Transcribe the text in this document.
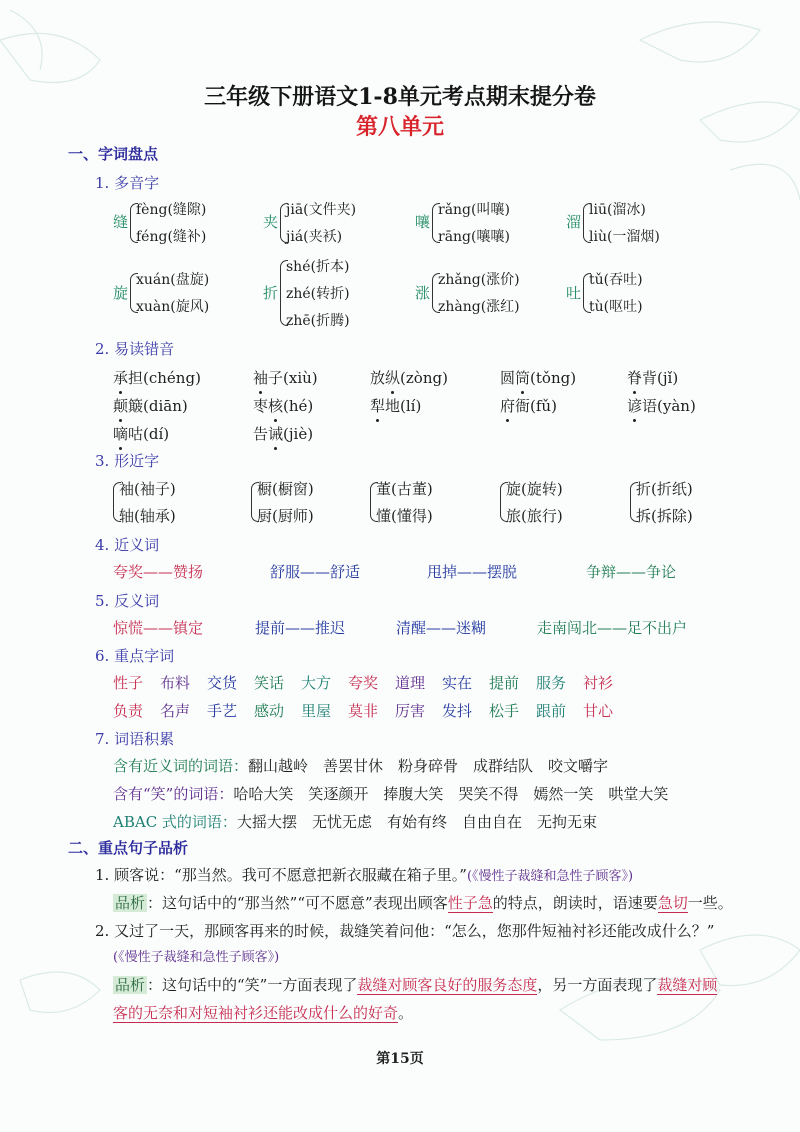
三年级下册语文1-8单元考点期末提分卷
第八单元
一、字词盘点
1. 多音字
缝
fèng(缝隙)
féng(缝补)
夹
jiā(文件夹)
jiá(夹袄)
嚷
rǎng(叫嚷)
rāng(嚷嚷)
溜
liū(溜冰)
liù(一溜烟)
旋
xuán(盘旋)
xuàn(旋风)
折
shé(折本)
zhé(转折)
zhē(折腾)
涨
zhǎng(涨价)
zhàng(涨红)
吐
tǔ(吞吐)
tù(呕吐)
2. 易读错音
承担(chéng)	袖子(xiù)	放纵(zòng)	圆筒(tǒng)	脊背(jǐ)
颠簸(diān)	枣核(hé)	犁地(lí)	府衙(fǔ)	谚语(yàn)
嘀咕(dí)	告诫(jiè)
3. 形近字
袖(袖子)
轴(轴承)
橱(橱窗)
厨(厨师)
董(古董)
懂(懂得)
旋(旋转)
旅(旅行)
折(折纸)
拆(拆除)
4. 近义词
夸奖——赞扬	舒服——舒适	甩掉——摆脱	争辩——争论
5. 反义词
惊慌——镇定	提前——推迟	清醒——迷糊	走南闯北——足不出户
6. 重点字词
性子 布料 交货 笑话 大方 夸奖 道理 实在 提前 服务 衬衫
负责 名声 手艺 感动 里屋 莫非 厉害 发抖 松手 跟前 甘心
7. 词语积累
含有近义词的词语：翻山越岭　善罢甘休　粉身碎骨　成群结队　咬文嚼字
含有“笑”的词语：哈哈大笑　笑逐颜开　捧腹大笑　哭笑不得　嫣然一笑　哄堂大笑
ABAC 式的词语：大摇大摆　无忧无虑　有始有终　自由自在　无拘无束
二、重点句子品析
1. 顾客说：“那当然。我可不愿意把新衣服藏在箱子里。”(《慢性子裁缝和急性子顾客》)
品析 ：这句话中的“那当然”“可不愿意”表现出顾客性子急的特点，朗读时，语速要急切一些。
2. 又过了一天，那顾客再来的时候，裁缝笑着问他：“怎么，您那件短袖衬衫还能改成什么？”
(《慢性子裁缝和急性子顾客》)
品析 ：这句话中的“笑”一方面表现了裁缝对顾客良好的服务态度，另一方面表现了裁缝对顾
客的无奈和对短袖衬衫还能改成什么的好奇。
第15页
